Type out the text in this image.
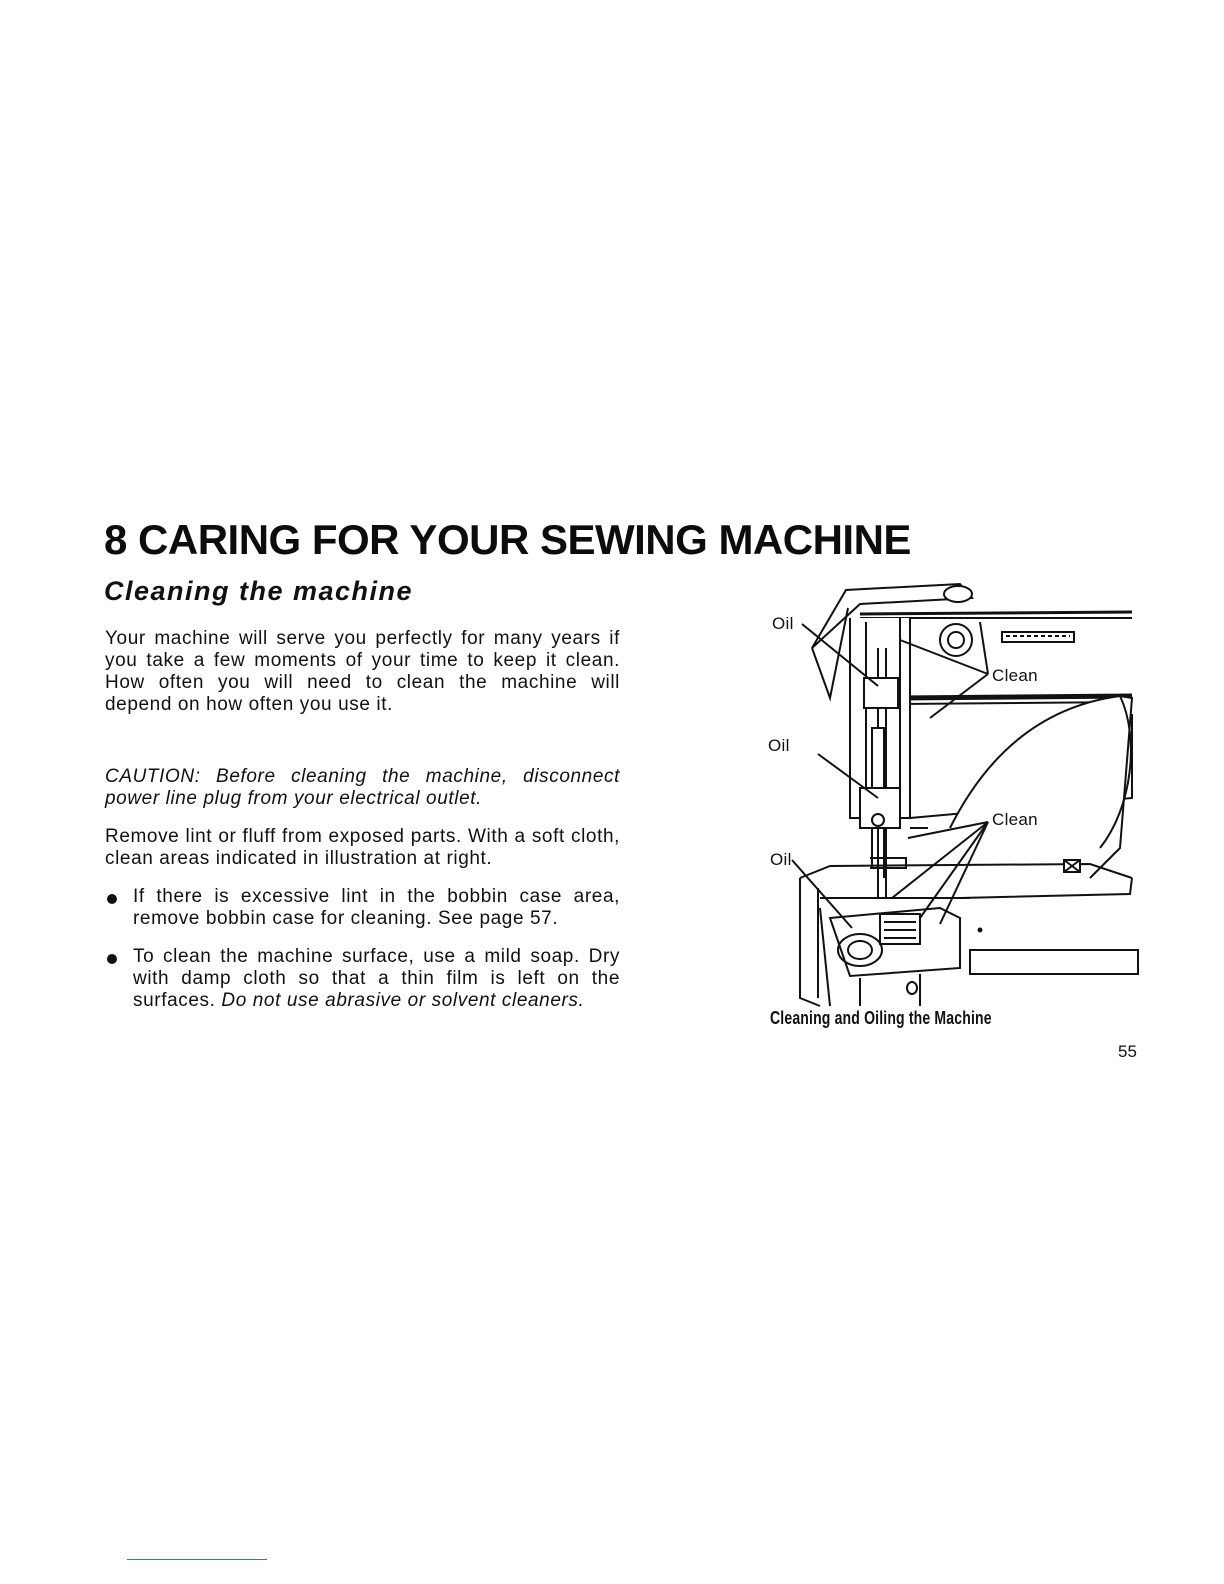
8 CARING FOR YOUR SEWING MACHINE
Cleaning the machine

Your machine will serve you perfectly for many years if you take a few moments of your time to keep it clean. How often you will need to clean the machine will depend on how often you use it.

CAUTION: Before cleaning the machine, disconnect power line plug from your electrical outlet.

Remove lint or fluff from exposed parts. With a soft cloth, clean areas indicated in illustration at right.

If there is excessive lint in the bobbin case area, remove bobbin case for cleaning. See page 57.
To clean the machine surface, use a mild soap. Dry with damp cloth so that a thin film is left on the surfaces. Do not use abrasive or solvent cleaners.
Oil
Oil
Oil
Clean
Clean

Cleaning and Oiling the Machine

55
